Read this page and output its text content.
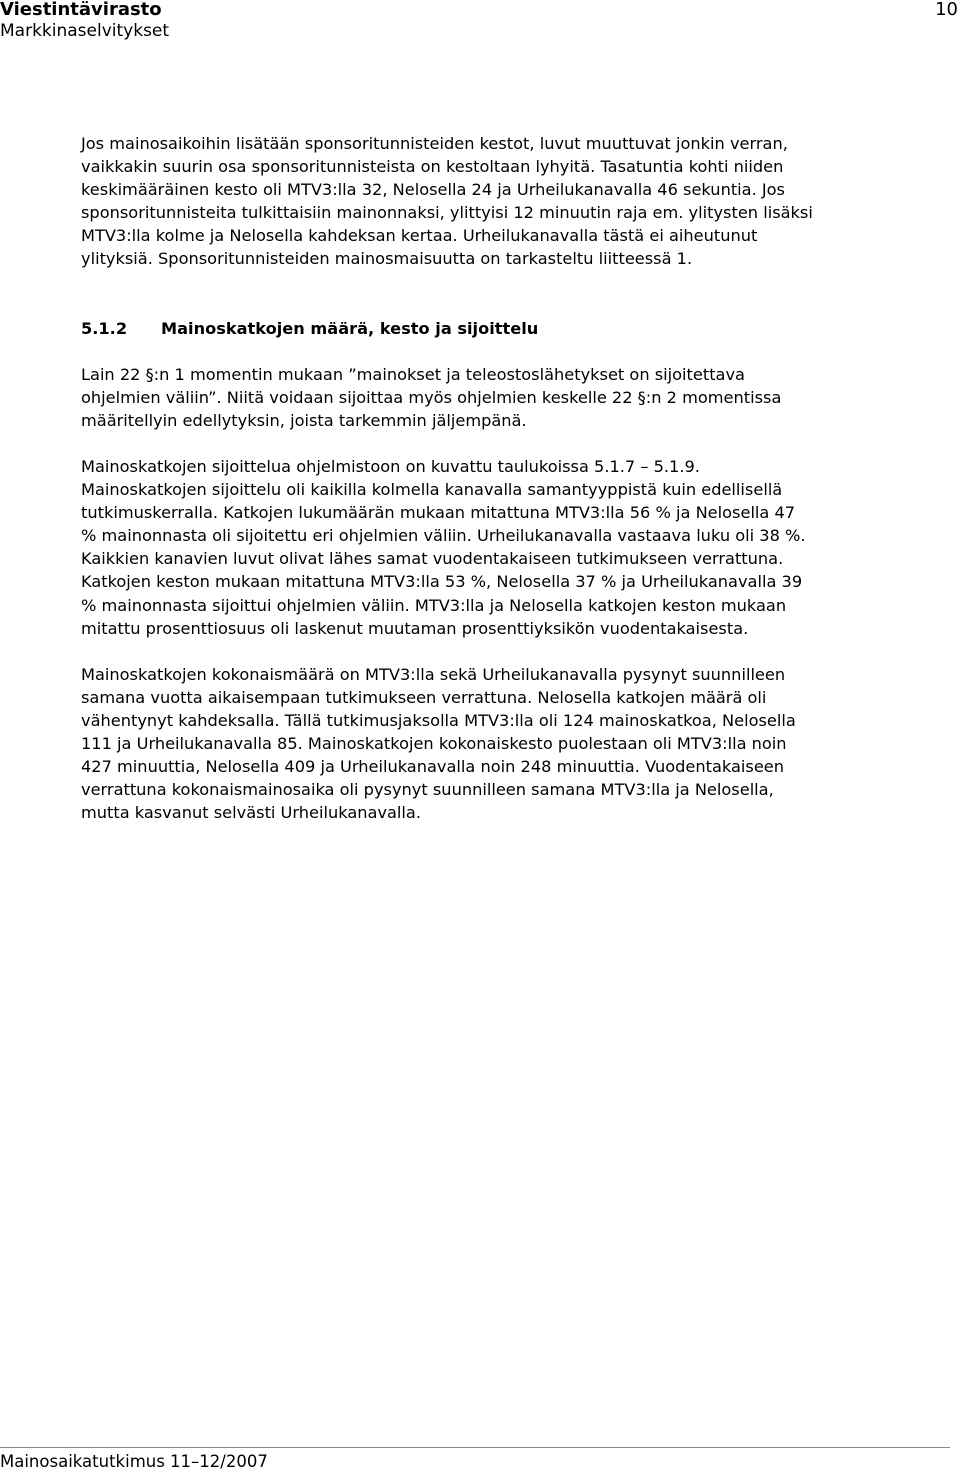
Viestintävirasto
Markkinaselvitykset
10
Jos mainosaikoihin lisätään sponsoritunnisteiden kestot, luvut muuttuvat jonkin verran,
vaikkakin suurin osa sponsoritunnisteista on kestoltaan lyhyitä. Tasatuntia kohti niiden
keskimääräinen kesto oli MTV3:lla 32, Nelosella 24 ja Urheilukanavalla 46 sekuntia. Jos
sponsoritunnisteita tulkittaisiin mainonnaksi, ylittyisi 12 minuutin raja em. ylitysten lisäksi
MTV3:lla kolme ja Nelosella kahdeksan kertaa. Urheilukanavalla tästä ei aiheutunut
ylityksiä. Sponsoritunnisteiden mainosmaisuutta on tarkasteltu liitteessä 1.
5.1.2 Mainoskatkojen määrä, kesto ja sijoittelu
Lain 22 §:n 1 momentin mukaan ”mainokset ja teleostoslähetykset on sijoitettava
ohjelmien väliin”. Niitä voidaan sijoittaa myös ohjelmien keskelle 22 §:n 2 momentissa
määritellyin edellytyksin, joista tarkemmin jäljempänä.
Mainoskatkojen sijoittelua ohjelmistoon on kuvattu taulukoissa 5.1.7 – 5.1.9.
Mainoskatkojen sijoittelu oli kaikilla kolmella kanavalla samantyyppistä kuin edellisellä
tutkimuskerralla. Katkojen lukumäärän mukaan mitattuna MTV3:lla 56 % ja Nelosella 47
% mainonnasta oli sijoitettu eri ohjelmien väliin. Urheilukanavalla vastaava luku oli 38 %.
Kaikkien kanavien luvut olivat lähes samat vuodentakaiseen tutkimukseen verrattuna.
Katkojen keston mukaan mitattuna MTV3:lla 53 %, Nelosella 37 % ja Urheilukanavalla 39
% mainonnasta sijoittui ohjelmien väliin. MTV3:lla ja Nelosella katkojen keston mukaan
mitattu prosenttiosuus oli laskenut muutaman prosenttiyksikön vuodentakaisesta.
Mainoskatkojen kokonaismäärä on MTV3:lla sekä Urheilukanavalla pysynyt suunnilleen
samana vuotta aikaisempaan tutkimukseen verrattuna. Nelosella katkojen määrä oli
vähentynyt kahdeksalla. Tällä tutkimusjaksolla MTV3:lla oli 124 mainoskatkoa, Nelosella
111 ja Urheilukanavalla 85. Mainoskatkojen kokonaiskesto puolestaan oli MTV3:lla noin
427 minuuttia, Nelosella 409 ja Urheilukanavalla noin 248 minuuttia. Vuodentakaiseen
verrattuna kokonaismainosaika oli pysynyt suunnilleen samana MTV3:lla ja Nelosella,
mutta kasvanut selvästi Urheilukanavalla.
Mainosaikatutkimus 11–12/2007
